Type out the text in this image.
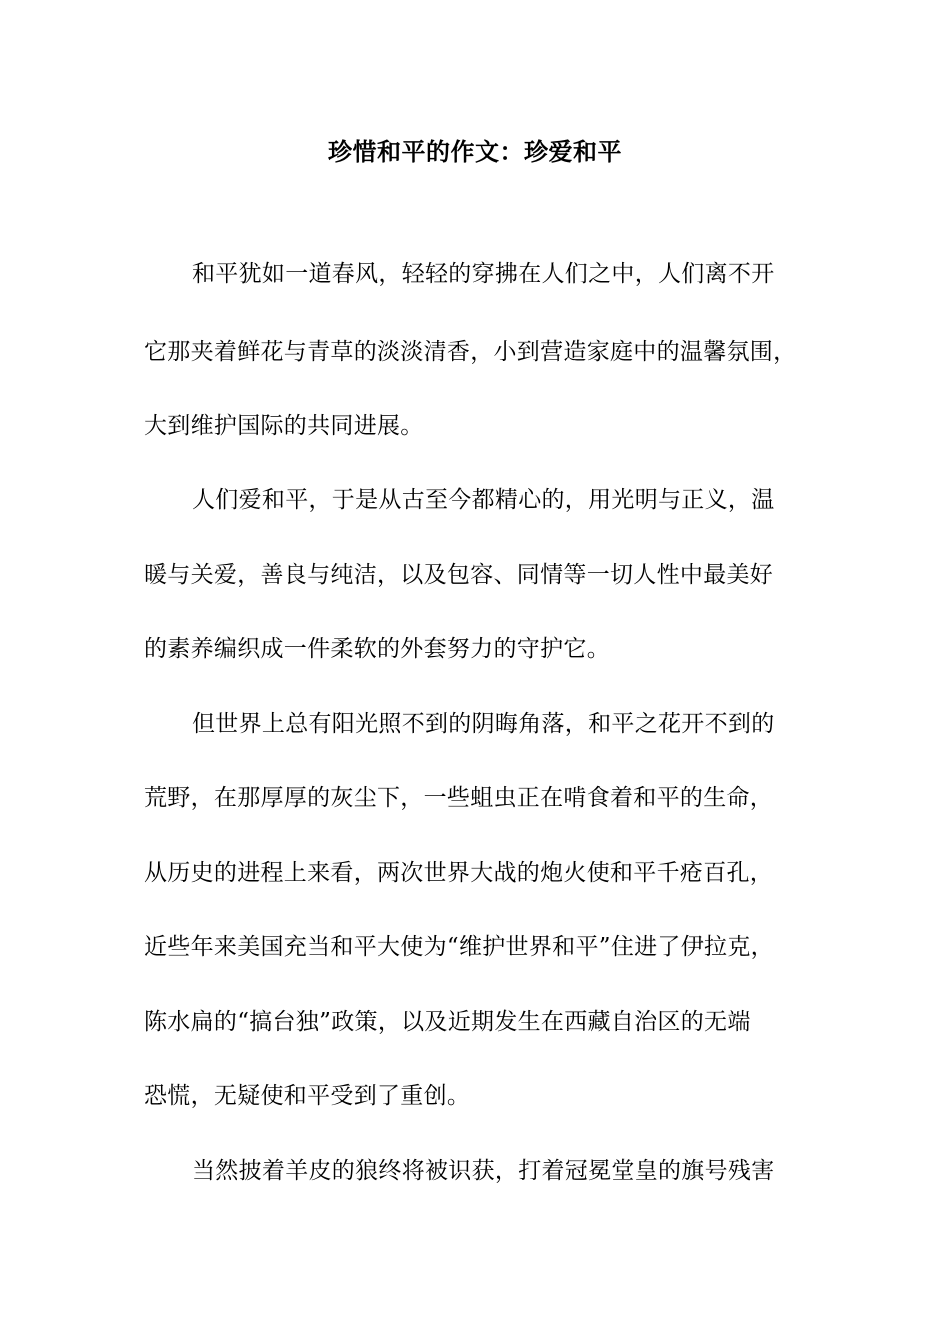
珍惜和平的作文：珍爱和平
和平犹如一道春风，轻轻的穿拂在人们之中，人们离不开
它那夹着鲜花与青草的淡淡清香，小到营造家庭中的温馨氛围，
大到维护国际的共同进展。
人们爱和平，于是从古至今都精心的，用光明与正义，温
暖与关爱，善良与纯洁，以及包容、同情等一切人性中最美好
的素养编织成一件柔软的外套努力的守护它。
但世界上总有阳光照不到的阴晦角落，和平之花开不到的
荒野，在那厚厚的灰尘下，一些蛆虫正在啃食着和平的生命，
从历史的进程上来看，两次世界大战的炮火使和平千疮百孔，
近些年来美国充当和平大使为“维护世界和平”住进了伊拉克，
陈水扁的“搞台独”政策，以及近期发生在西藏自治区的无端
恐慌，无疑使和平受到了重创。
当然披着羊皮的狼终将被识获，打着冠冕堂皇的旗号残害
